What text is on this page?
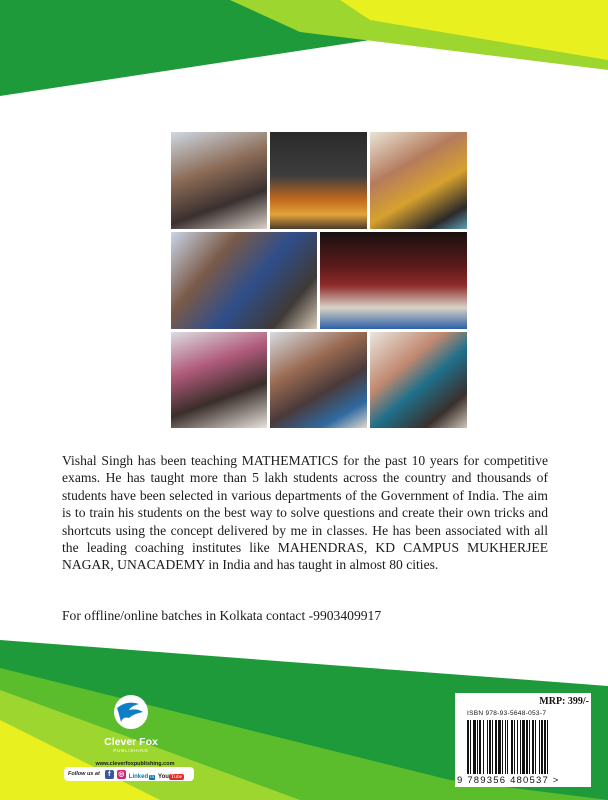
Vishal Singh has been teaching MATHEMATICS for the past 10 years for competitive exams. He has taught more than 5 lakh students across the country and thousands of students have been selected in various departments of the Government of India. The aim is to train his students on the best way to solve questions and create their own tricks and shortcuts using the concept delivered by me in classes. He has been associated with all the leading coaching institutes like MAHENDRAS, KD CAMPUS MUKHERJEE NAGAR, UNACADEMY in India and has taught in almost 80 cities.

For offline/online batches in Kolkata contact -9903409917

Clever Fox
PUBLISHING
www.cleverfoxpublishing.com
Follow us at	f	◎ Linked in You Tube
MRP: 399/-
ISBN 978-93-5648-053-7
9 789356 480537 >
